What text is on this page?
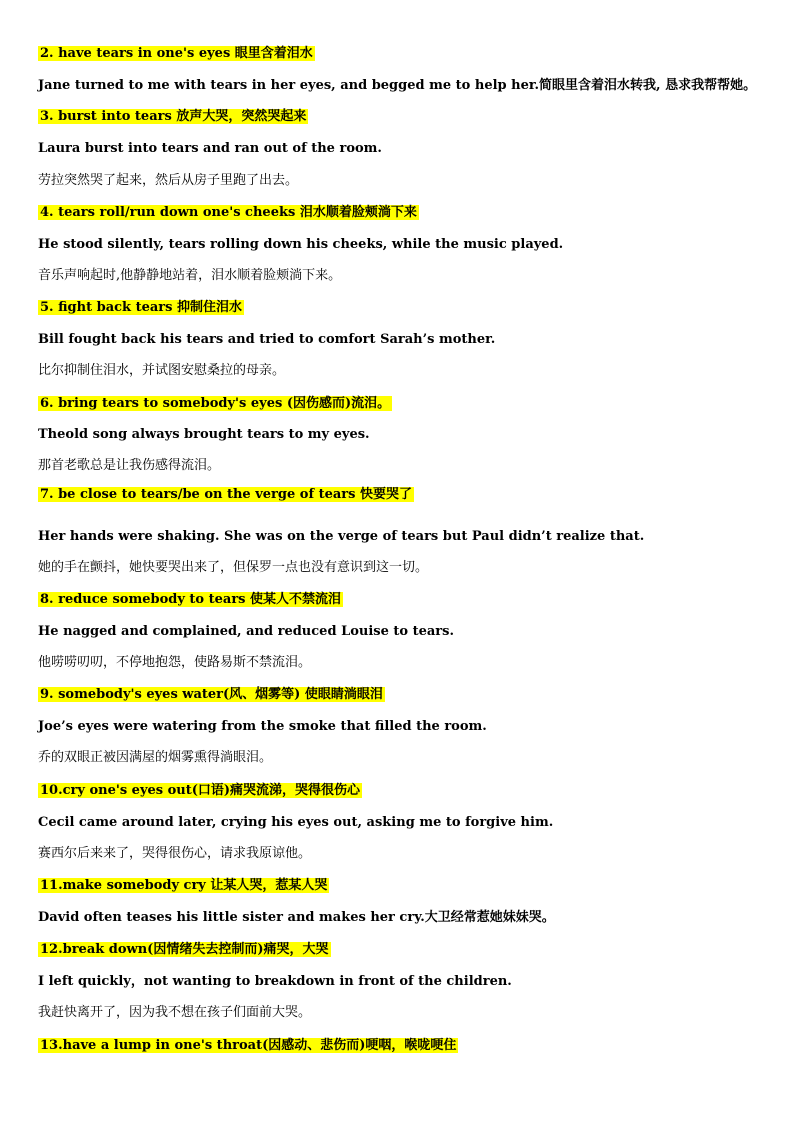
2. have tears in one's eyes 眼里含着泪水
Jane turned to me with tears in her eyes, and begged me to help her.简眼里含着泪水转我, 恳求我帮帮她。
3. burst into tears 放声大哭，突然哭起来
Laura burst into tears and ran out of the room.
劳拉突然哭了起来，然后从房子里跑了出去。
4. tears roll/run down one's cheeks 泪水顺着脸颊淌下来
He stood silently, tears rolling down his cheeks, while the music played.
音乐声响起时,他静静地站着，泪水顺着脸颊淌下来。
5. fight back tears 抑制住泪水
Bill fought back his tears and tried to comfort Sarah’s mother.
比尔抑制住泪水，并试图安慰桑拉的母亲。
6. bring tears to somebody's eyes (因伤感而)流泪。
Theold song always brought tears to my eyes.
那首老歌总是让我伤感得流泪。
7. be close to tears/be on the verge of tears 快要哭了
Her hands were shaking. She was on the verge of tears but Paul didn’t realize that.
她的手在颤抖，她快要哭出来了，但保罗一点也没有意识到这一切。
8. reduce somebody to tears 使某人不禁流泪
He nagged and complained, and reduced Louise to tears.
他唠唠叨叨，不停地抱怨，使路易斯不禁流泪。
9. somebody's eyes water(风、烟雾等) 使眼睛淌眼泪
Joe’s eyes were watering from the smoke that filled the room.
乔的双眼正被因满屋的烟雾熏得淌眼泪。
10.cry one's eyes out(口语)痛哭流涕，哭得很伤心
Cecil came around later, crying his eyes out, asking me to forgive him.
赛西尔后来来了，哭得很伤心，请求我原谅他。
11.make somebody cry 让某人哭，惹某人哭
David often teases his little sister and makes her cry.大卫经常惹她妹妹哭。
12.break down(因情绪失去控制而)痛哭，大哭
I left quickly，not wanting to breakdown in front of the children.
我赶快离开了，因为我不想在孩子们面前大哭。
13.have a lump in one's throat(因感动、悲伤而)哽咽，喉咙哽住
